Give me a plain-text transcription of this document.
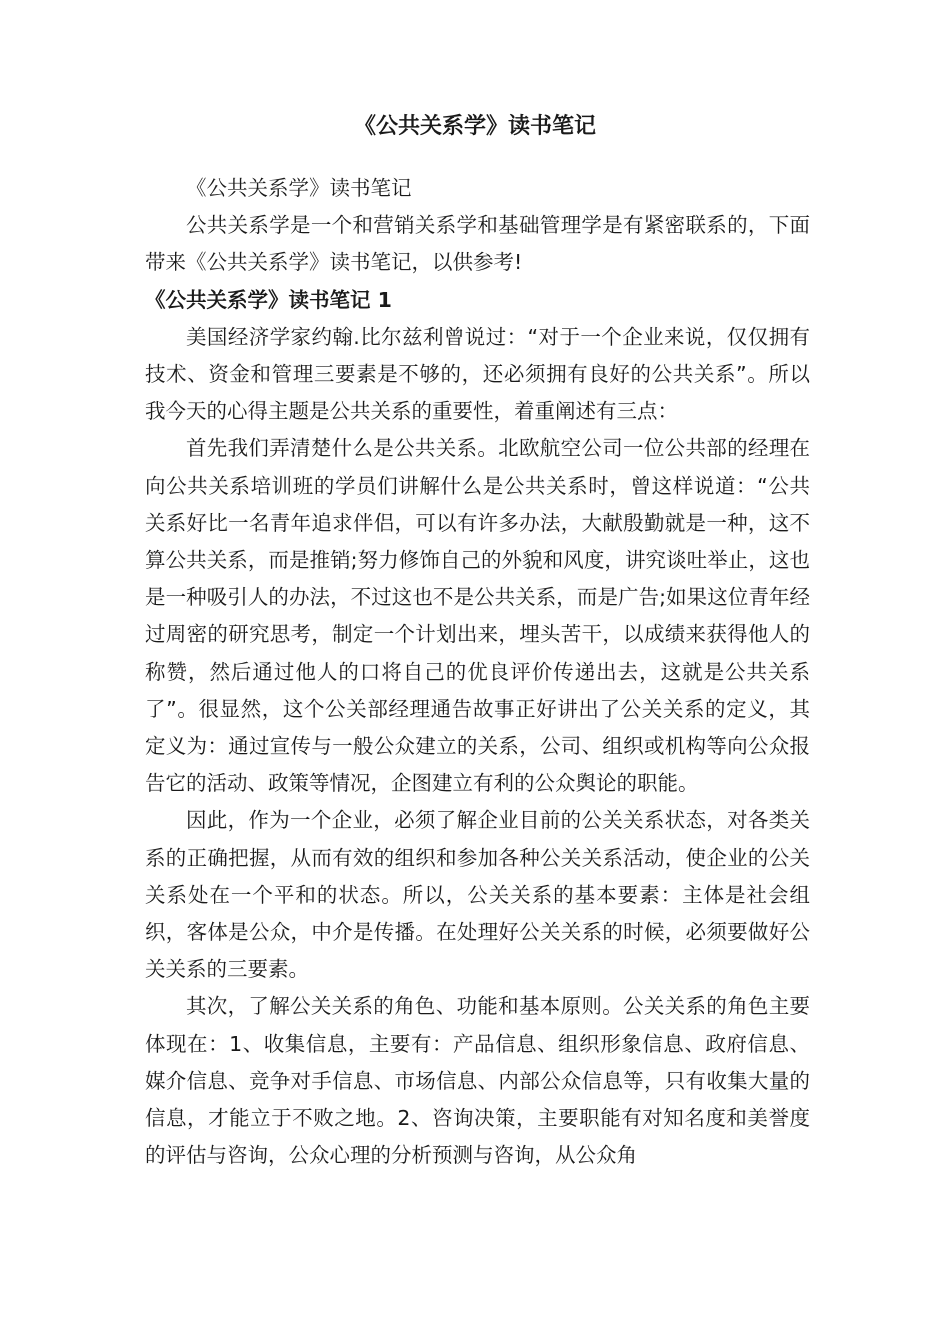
《公共关系学》读书笔记

《公共关系学》读书笔记

公共关系学是一个和营销关系学和基础管理学是有紧密联系的，下面带来《公共关系学》读书笔记，以供参考!

《公共关系学》读书笔记 1

美国经济学家约翰.比尔兹利曾说过：“对于一个企业来说，仅仅拥有技术、资金和管理三要素是不够的，还必须拥有良好的公共关系”。所以我今天的心得主题是公共关系的重要性，着重阐述有三点：

首先我们弄清楚什么是公共关系。北欧航空公司一位公共部的经理在向公共关系培训班的学员们讲解什么是公共关系时，曾这样说道：“公共关系好比一名青年追求伴侣，可以有许多办法，大献殷勤就是一种，这不算公共关系，而是推销;努力修饰自己的外貌和风度，讲究谈吐举止，这也是一种吸引人的办法，不过这也不是公共关系，而是广告;如果这位青年经过周密的研究思考，制定一个计划出来，埋头苦干，以成绩来获得他人的称赞，然后通过他人的口将自己的优良评价传递出去，这就是公共关系了”。很显然，这个公关部经理通告故事正好讲出了公关关系的定义，其定义为：通过宣传与一般公众建立的关系，公司、组织或机构等向公众报告它的活动、政策等情况，企图建立有利的公众舆论的职能。

因此，作为一个企业，必须了解企业目前的公关关系状态，对各类关系的正确把握，从而有效的组织和参加各种公关关系活动，使企业的公关关系处在一个平和的状态。所以，公关关系的基本要素：主体是社会组织，客体是公众，中介是传播。在处理好公关关系的时候，必须要做好公关关系的三要素。

其次，了解公关关系的角色、功能和基本原则。公关关系的角色主要体现在：1、收集信息，主要有：产品信息、组织形象信息、政府信息、媒介信息、竞争对手信息、市场信息、内部公众信息等，只有收集大量的信息，才能立于不败之地。2、咨询决策，主要职能有对知名度和美誉度的评估与咨询，公众心理的分析预测与咨询，从公众角
